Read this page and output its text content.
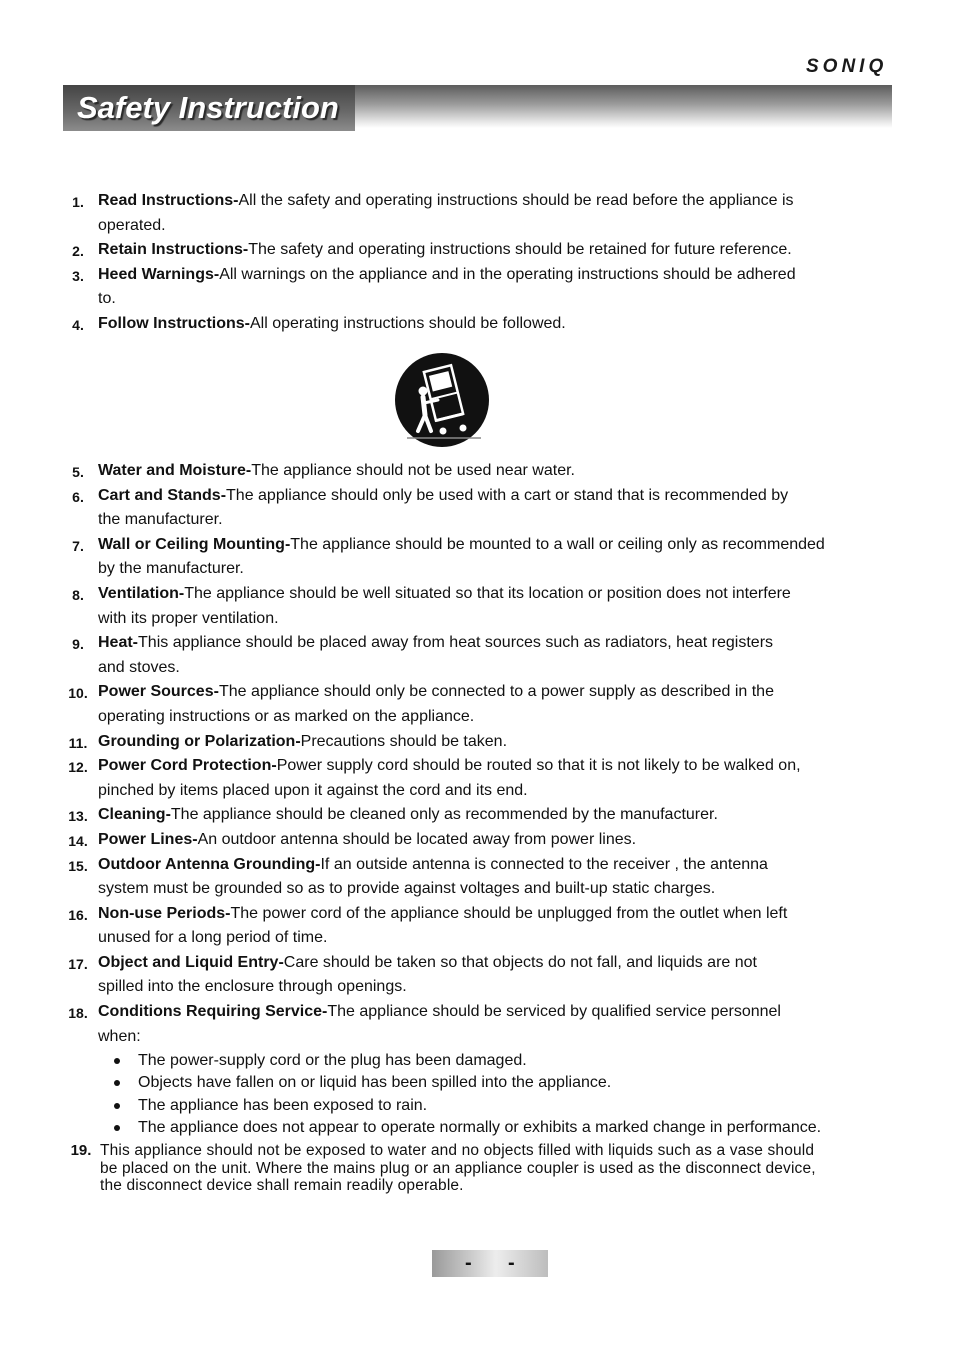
SONIQ
Safety Instruction
1. Read Instructions-All the safety and operating instructions should be read before the appliance is
operated.
2. Retain Instructions-The safety and operating instructions should be retained for future reference.
3. Heed Warnings-All warnings on the appliance and in the operating instructions should be adhered
to.
4. Follow Instructions-All operating instructions should be followed.
5. Water and Moisture-The appliance should not be used near water.
6. Cart and Stands-The appliance should only be used with a cart or stand that is recommended by
the manufacturer.
7. Wall or Ceiling Mounting-The appliance should be mounted to a wall or ceiling only as recommended
by the manufacturer.
8. Ventilation-The appliance should be well situated so that its location or position does not interfere
with its proper ventilation.
9. Heat-This appliance should be placed away from heat sources such as radiators, heat registers
and stoves.
10. Power Sources-The appliance should only be connected to a power supply as described in the
operating instructions or as marked on the appliance.
11. Grounding or Polarization-Precautions should be taken.
12. Power Cord Protection-Power supply cord should be routed so that it is not likely to be walked on,
pinched by items placed upon it against the cord and its end.
13. Cleaning-The appliance should be cleaned only as recommended by the manufacturer.
14. Power Lines-An outdoor antenna should be located away from power lines.
15. Outdoor Antenna Grounding-If an outside antenna is connected to the receiver , the antenna
system must be grounded so as to provide against voltages and built-up static charges.
16. Non-use Periods-The power cord of the appliance should be unplugged from the outlet when left
unused for a long period of time.
17. Object and Liquid Entry-Care should be taken so that objects do not fall, and liquids are not
spilled into the enclosure through openings.
18. Conditions Requiring Service-The appliance should be serviced by qualified service personnel
when:
The power-supply cord or the plug has been damaged.
Objects have fallen on or liquid has been spilled into the appliance.
The appliance has been exposed to rain.
The appliance does not appear to operate normally or exhibits a marked change in performance.
19. This appliance should not be exposed to water and no objects filled with liquids such as a vase should
be placed on the unit. Where the mains plug or an appliance coupler is used as the disconnect device,
the disconnect device shall remain readily operable.
- -
